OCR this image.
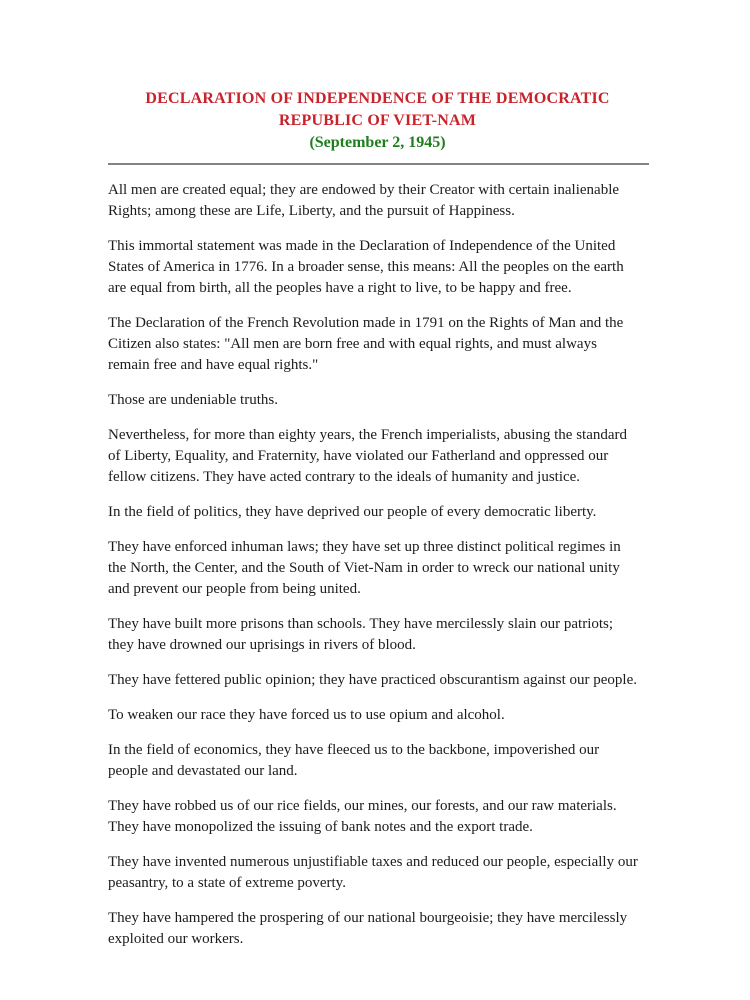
DECLARATION OF INDEPENDENCE OF THE DEMOCRATIC
REPUBLIC OF VIET-NAM
(September 2, 1945)

All men are created equal; they are endowed by their Creator with certain inalienable Rights; among these are Life, Liberty, and the pursuit of Happiness.

This immortal statement was made in the Declaration of Independence of the United States of America in 1776. In a broader sense, this means: All the peoples on the earth are equal from birth, all the peoples have a right to live, to be happy and free.

The Declaration of the French Revolution made in 1791 on the Rights of Man and the Citizen also states: "All men are born free and with equal rights, and must always remain free and have equal rights."

Those are undeniable truths.

Nevertheless, for more than eighty years, the French imperialists, abusing the standard of Liberty, Equality, and Fraternity, have violated our Fatherland and oppressed our fellow citizens. They have acted contrary to the ideals of humanity and justice.

In the field of politics, they have deprived our people of every democratic liberty.

They have enforced inhuman laws; they have set up three distinct political regimes in the North, the Center, and the South of Viet-Nam in order to wreck our national unity and prevent our people from being united.

They have built more prisons than schools. They have mercilessly slain our patriots; they have drowned our uprisings in rivers of blood.

They have fettered public opinion; they have practiced obscurantism against our people.

To weaken our race they have forced us to use opium and alcohol.

In the field of economics, they have fleeced us to the backbone, impoverished our people and devastated our land.

They have robbed us of our rice fields, our mines, our forests, and our raw materials. They have monopolized the issuing of bank notes and the export trade.

They have invented numerous unjustifiable taxes and reduced our people, especially our peasantry, to a state of extreme poverty.

They have hampered the prospering of our national bourgeoisie; they have mercilessly exploited our workers.
